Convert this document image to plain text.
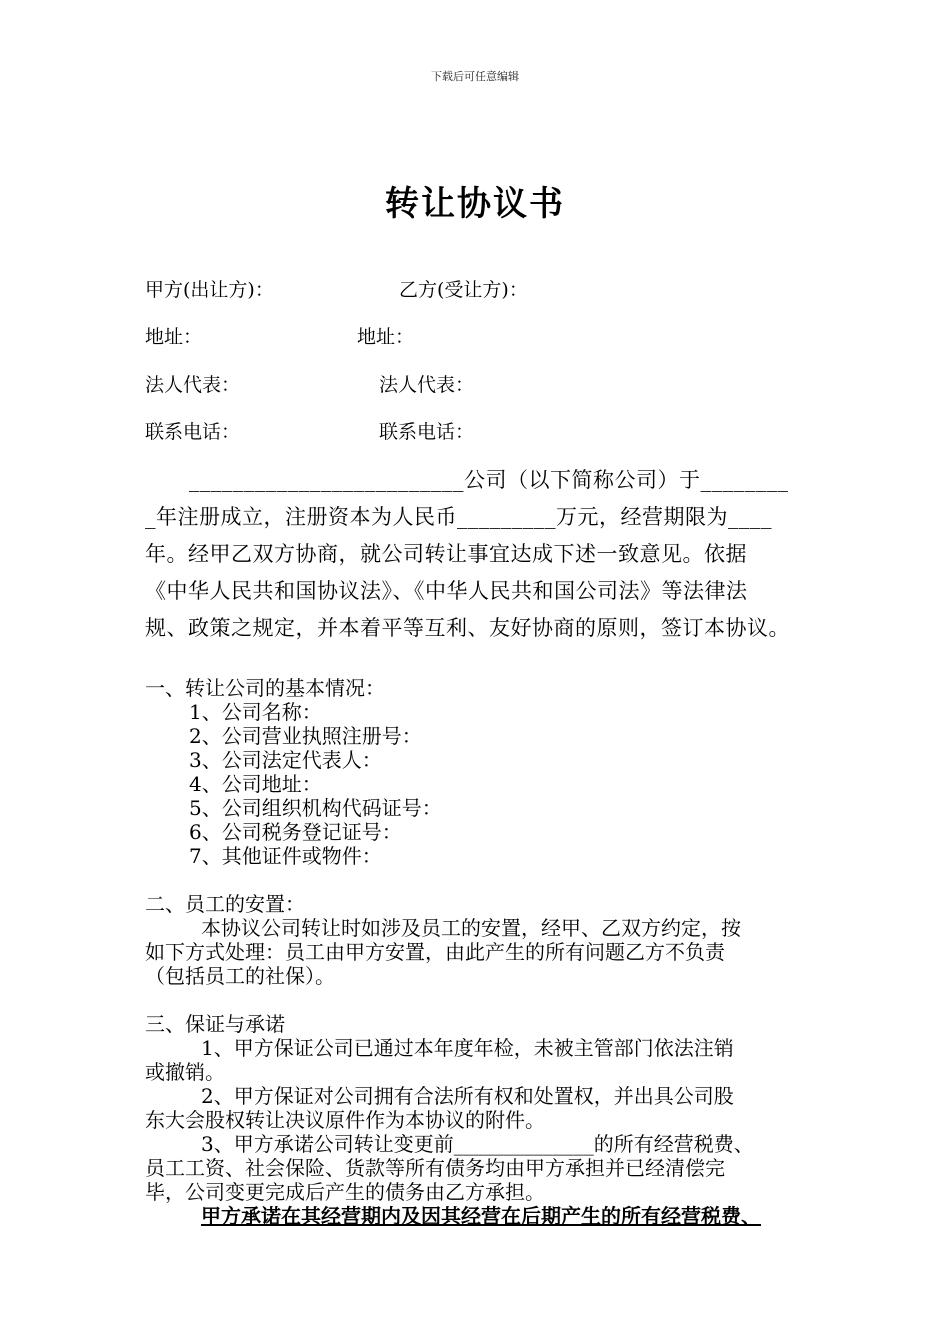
下载后可任意编辑
转让协议书
甲方(出让方)：	乙方(受让方)：
地址：	地址：
法人代表：	法人代表：
联系电话：	联系电话：

_________________________公司（以下简称公司）于________

_年注册成立，注册资本为人民币_________万元，经营期限为____

年。经甲乙双方协商，就公司转让事宜达成下述一致意见。依据

《中华人民共和国协议法》、《中华人民共和国公司法》等法律法

规、政策之规定，并本着平等互利、友好协商的原则，签订本协议。

一、转让公司的基本情况：

1、公司名称：

2、公司营业执照注册号：

3、公司法定代表人：

4、公司地址：

5、公司组织机构代码证号：

6、公司税务登记证号：

7、其他证件或物件：

二、员工的安置：

本协议公司转让时如涉及员工的安置，经甲、乙双方约定，按

如下方式处理：员工由甲方安置，由此产生的所有问题乙方不负责

（包括员工的社保）。

三、保证与承诺

1、甲方保证公司已通过本年度年检，未被主管部门依法注销

或撤销。

2、甲方保证对公司拥有合法所有权和处置权，并出具公司股

东大会股权转让决议原件作为本协议的附件。

3、甲方承诺公司转让变更前______________的所有经营税费、

员工工资、社会保险、货款等所有债务均由甲方承担并已经清偿完

毕，公司变更完成后产生的债务由乙方承担。

甲方承诺在其经营期内及因其经营在后期产生的所有经营税费、
